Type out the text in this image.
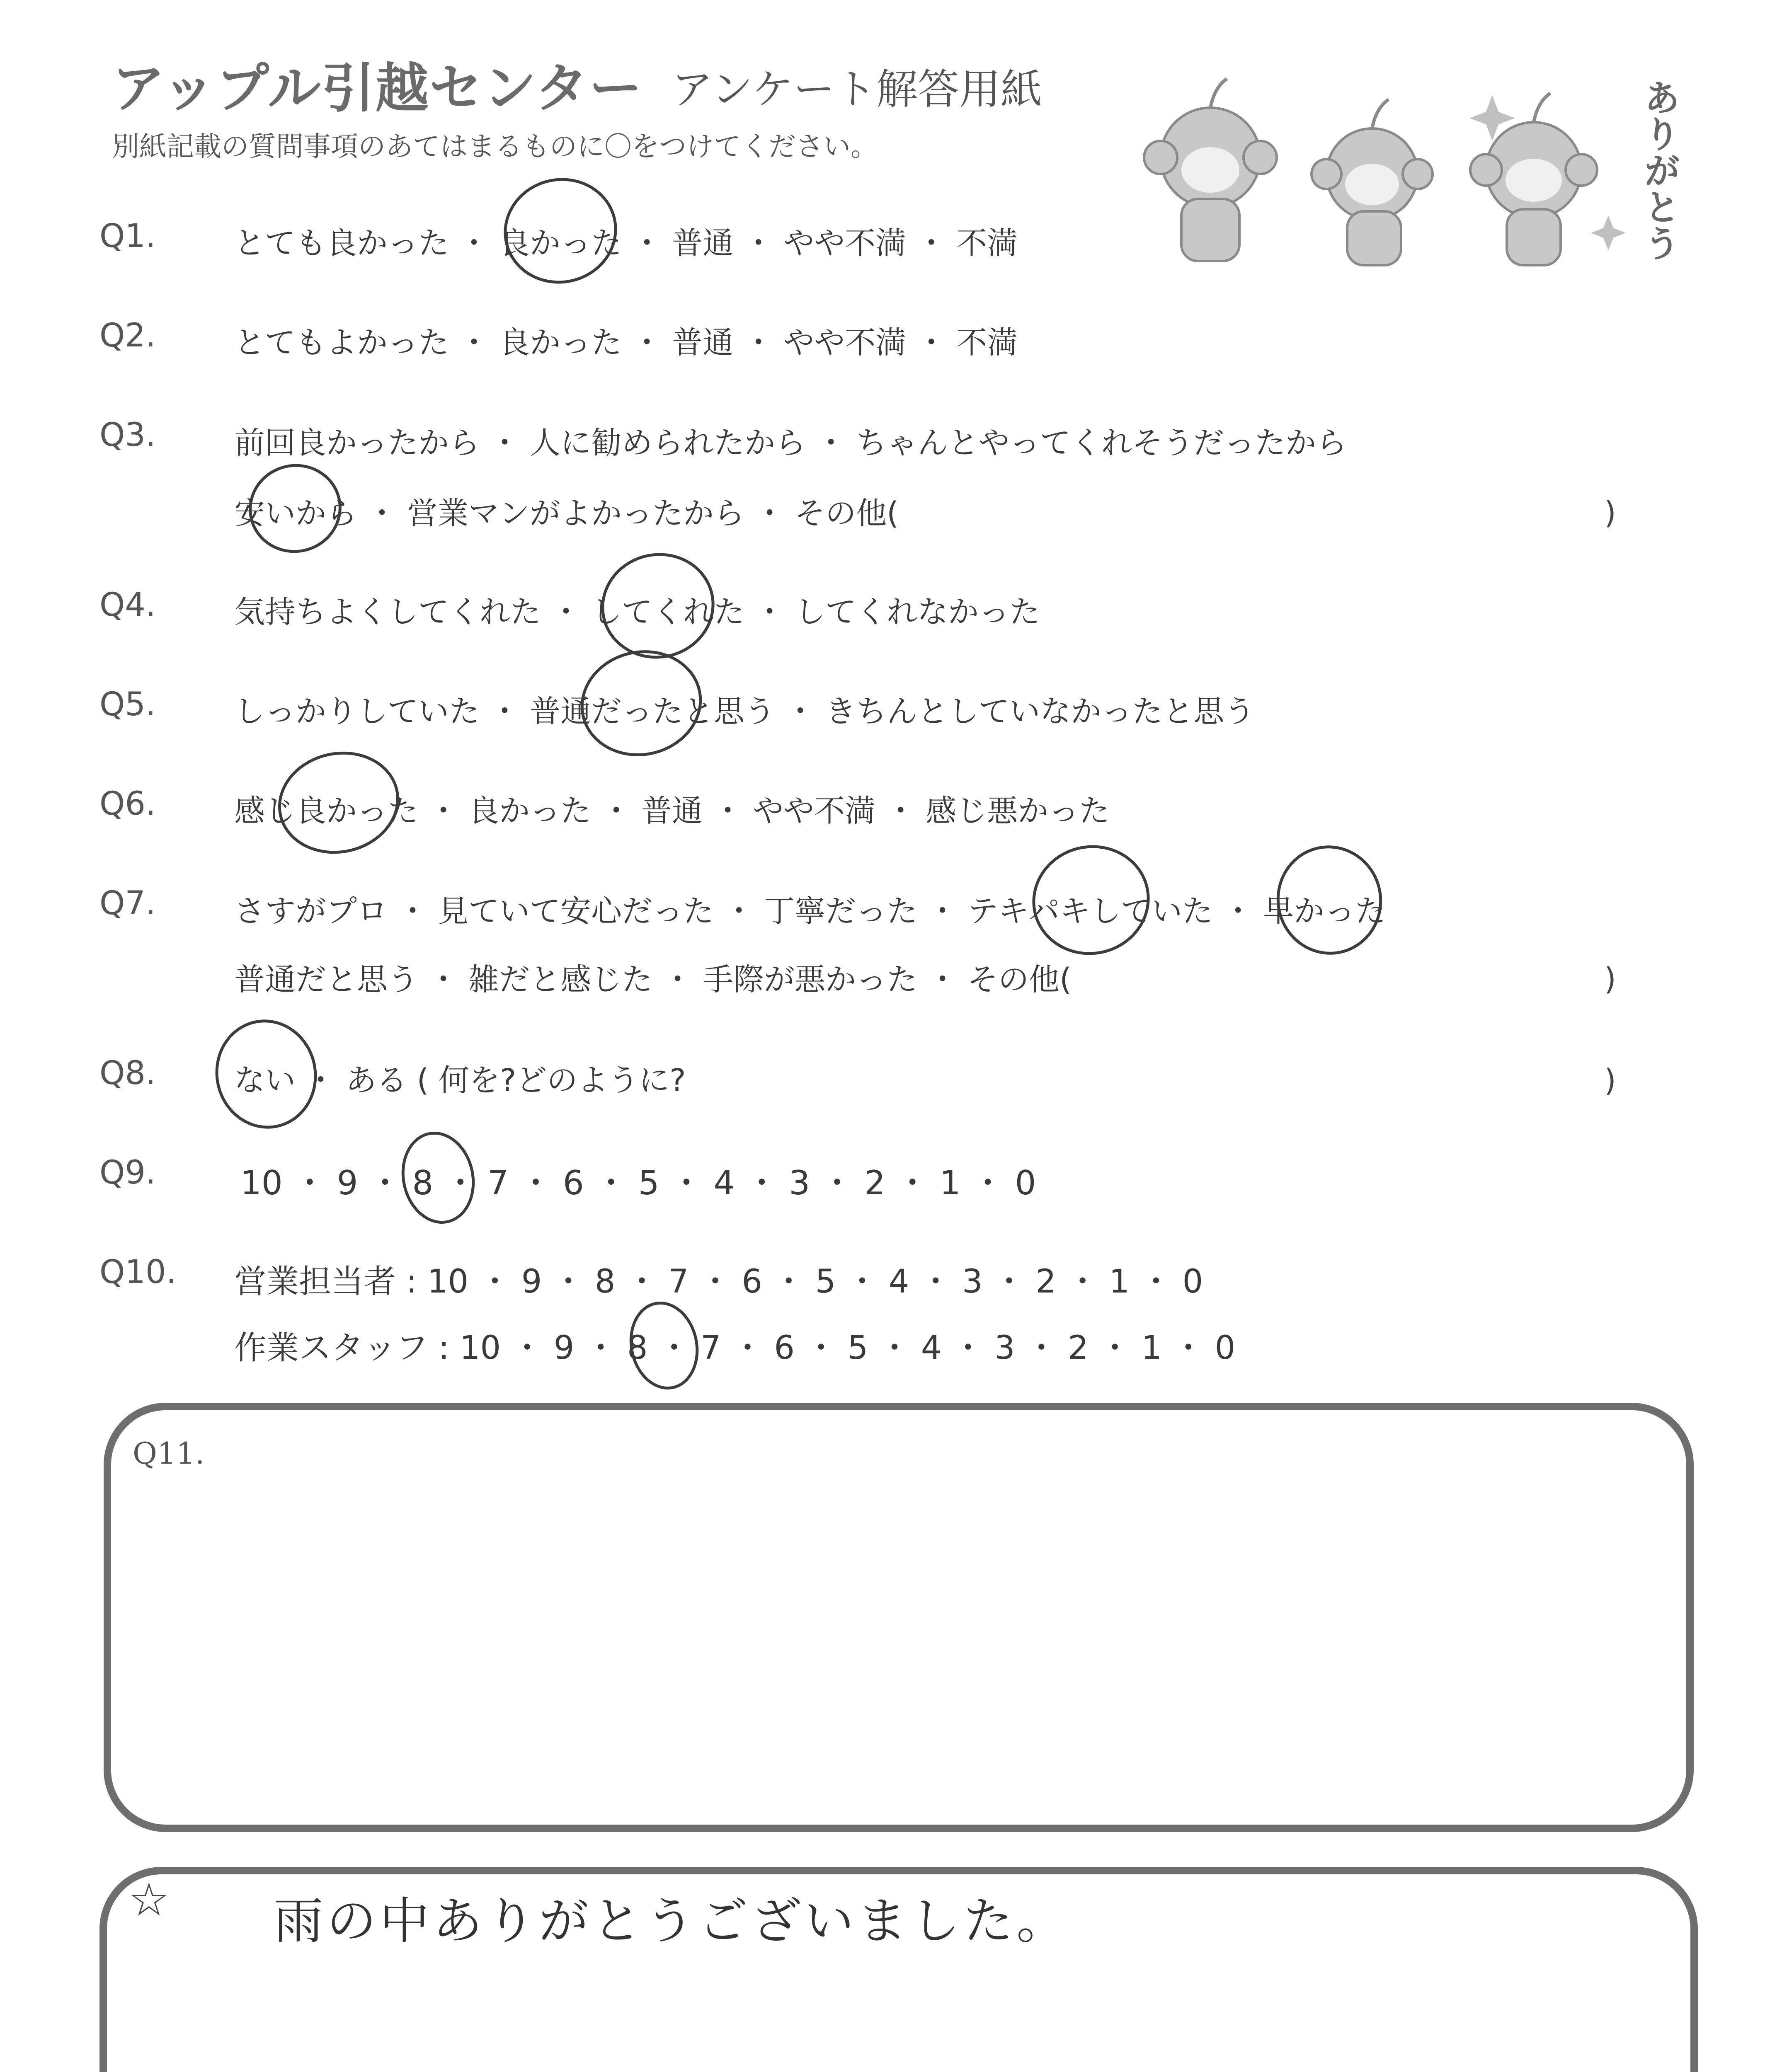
アップル引越センター アンケート解答用紙
別紙記載の質問事項のあてはまるものに〇をつけてください。	ありがとう
Q1.	とても良かった ・ 良かった ・ 普通 ・ やや不満 ・ 不満
Q2.	とてもよかった ・ 良かった ・ 普通 ・ やや不満 ・ 不満
Q3.	前回良かったから ・ 人に勧められたから ・ ちゃんとやってくれそうだったから
安いから ・ 営業マンがよかったから ・ その他(	)
Q4.	気持ちよくしてくれた ・ してくれた ・ してくれなかった
Q5.	しっかりしていた ・ 普通だったと思う ・ きちんとしていなかったと思う
Q6.	感じ良かった ・ 良かった ・ 普通 ・ やや不満 ・ 感じ悪かった
Q7.	さすがプロ ・ 見ていて安心だった ・ 丁寧だった ・ テキパキしていた ・ 早かった
普通だと思う ・ 雑だと感じた ・ 手際が悪かった ・ その他(	)
Q8.	ない ・ ある ( 何を?どのように?	)
Q9.	10 ・ 9 ・ 8 ・ 7 ・ 6 ・ 5 ・ 4 ・ 3 ・ 2 ・ 1 ・ 0
Q10. 営業担当者 : 10 ・ 9 ・ 8 ・ 7 ・ 6 ・ 5 ・ 4 ・ 3 ・ 2 ・ 1 ・ 0
作業スタッフ : 10 ・ 9 ・ 8 ・ 7 ・ 6 ・ 5 ・ 4 ・ 3 ・ 2 ・ 1 ・ 0
Q11.
☆ 雨の中ありがとうございました。
